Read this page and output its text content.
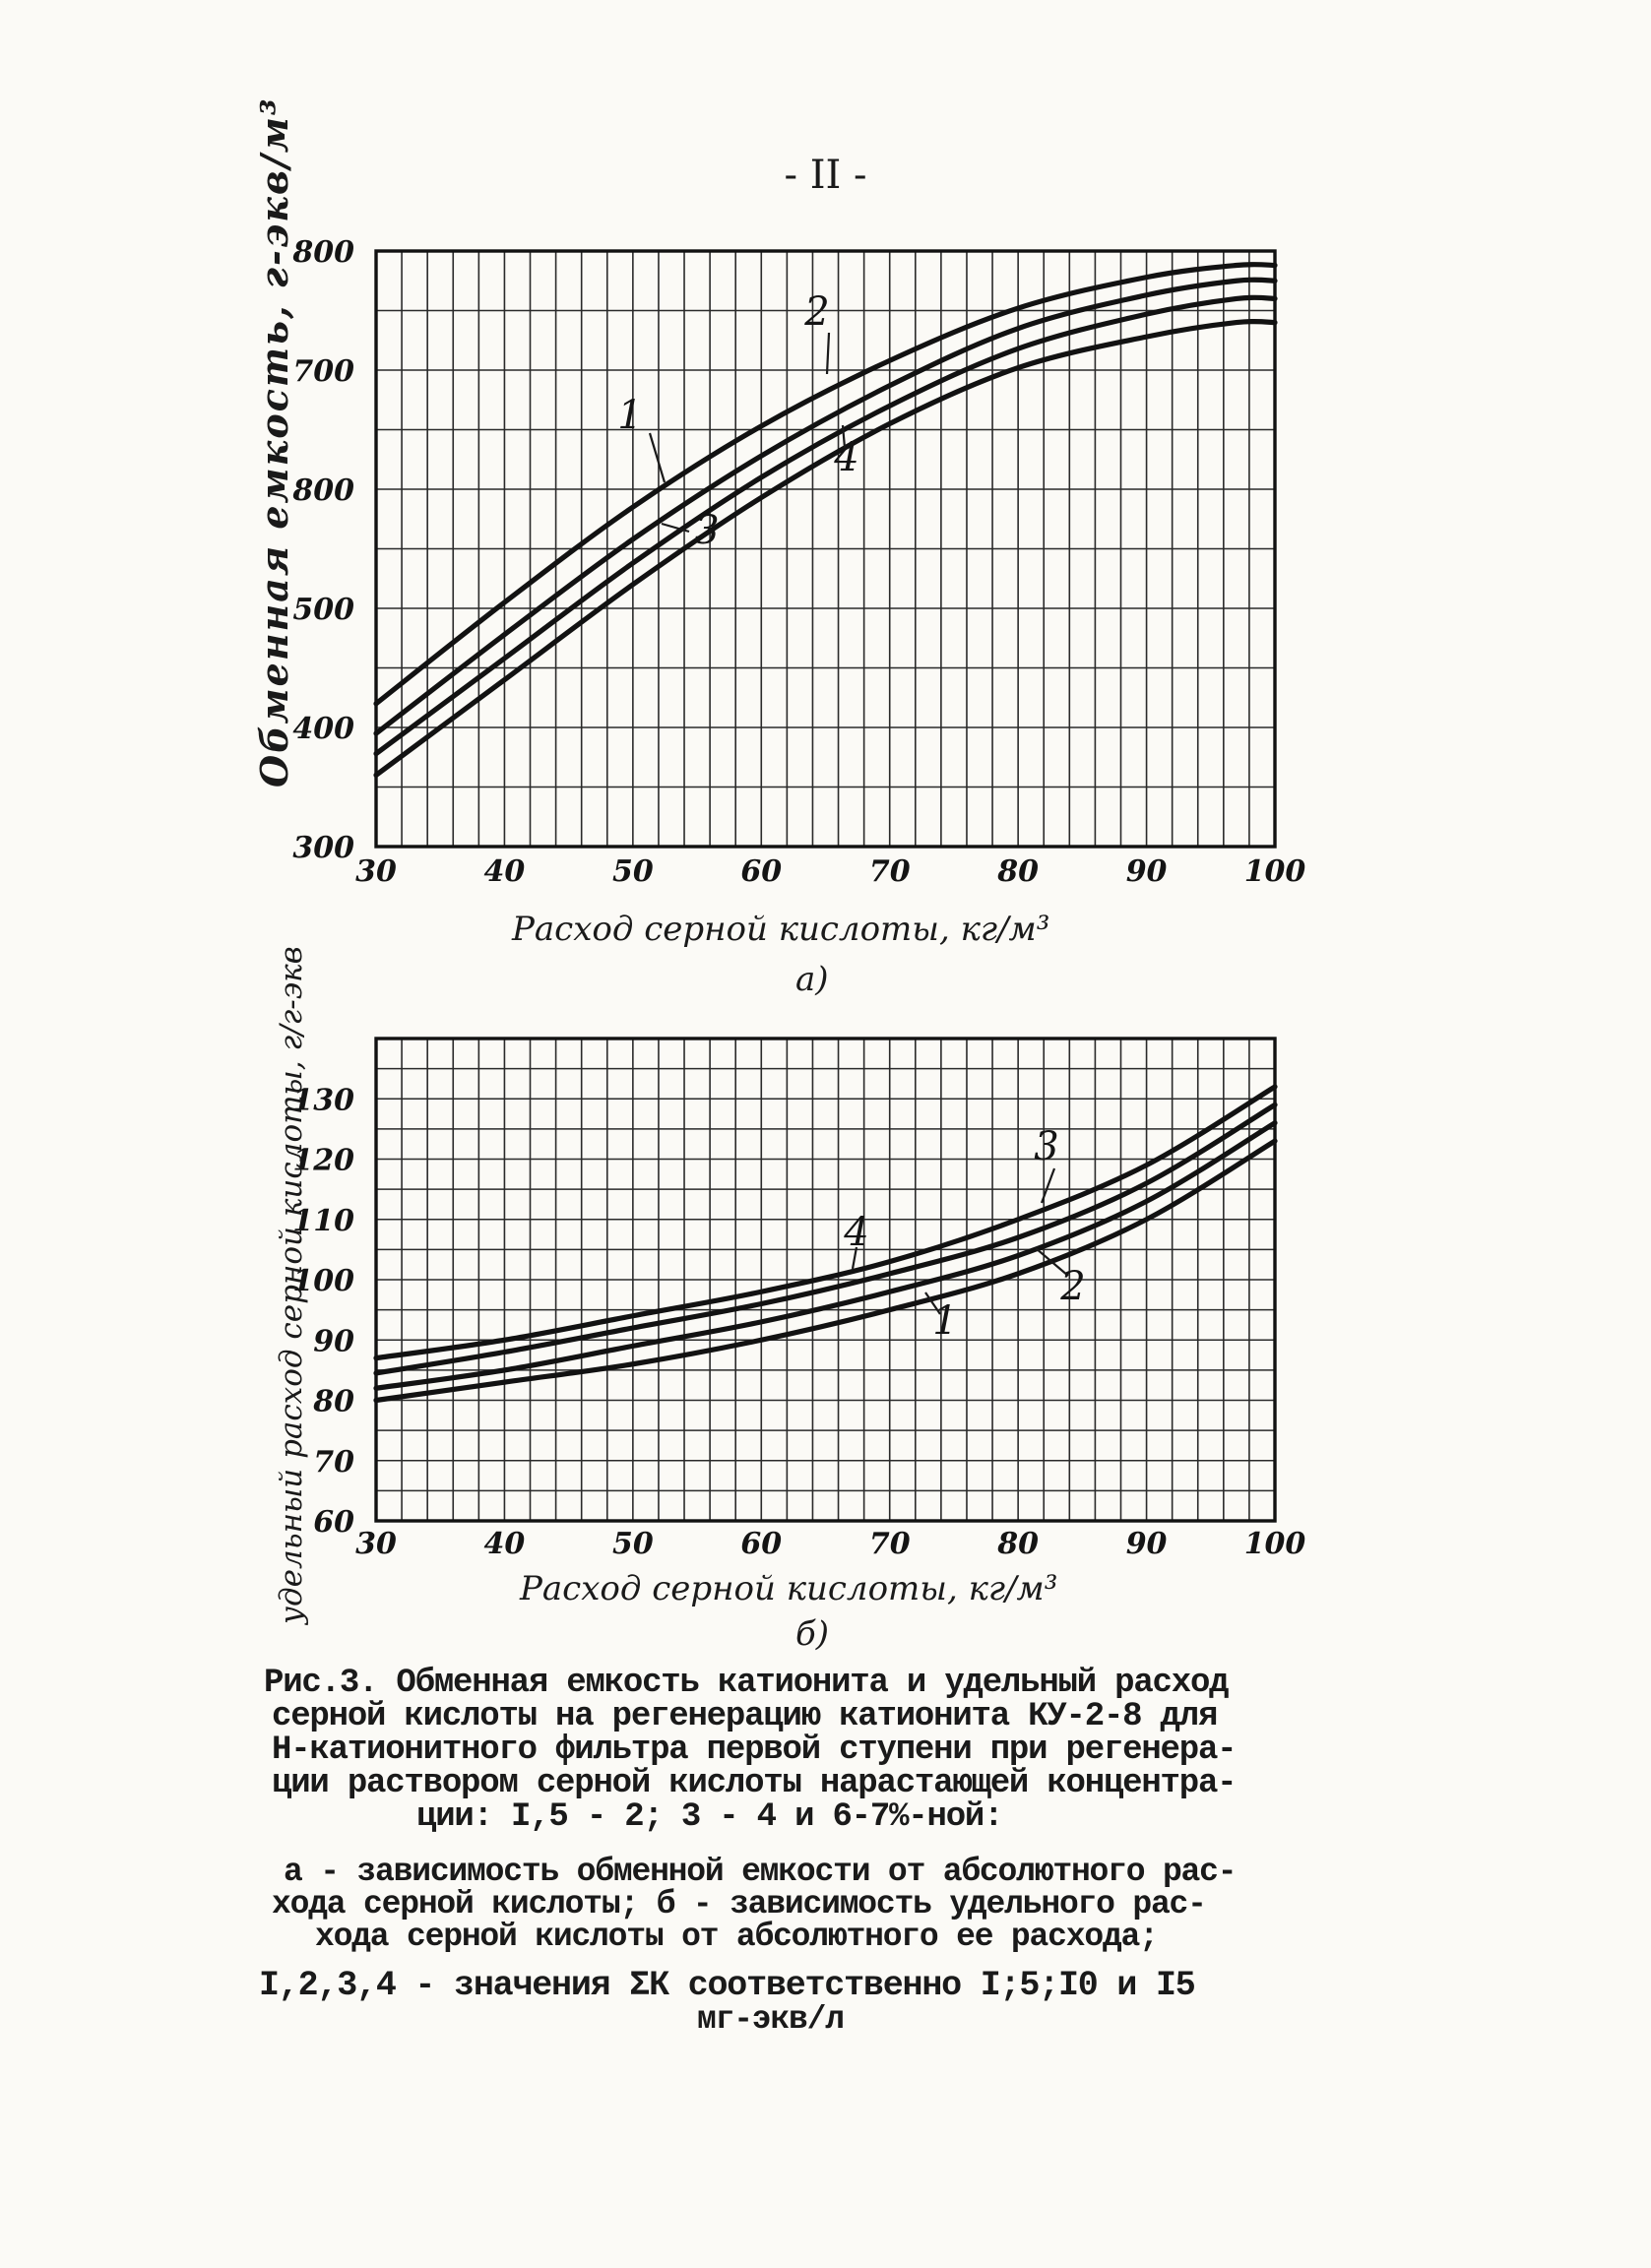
- II -
300
400
500
800
700
800
30	40	50	60	70	80	90	100
1
2
3
4
Расход серной кислоты, кг/м³
Обменная емкость, г-экв/м³
а)
60
70
80
90
100
110
120
130
30	40	50	60	70	80	90	100
1
2
3
4
Расход серной кислоты, кг/м³
удельный расход серной кислоты, г/г-экв
б)
Рис.3. Обменная емкость катионита и удельный расход
серной кислоты на регенерацию катионита КУ-2-8 для
Н-катионитного фильтра первой ступени при регенера-
ции раствором серной кислоты нарастающей концентра-
ции: I,5 - 2; 3 - 4 и 6-7%-ной:
а - зависимость обменной емкости от абсолютного рас-
хода серной кислоты; б - зависимость удельного рас-
хода серной кислоты от абсолютного ее расхода;
I,2,3,4 - значения ΣК соответственно I;5;I0 и I5
мг-экв/л
